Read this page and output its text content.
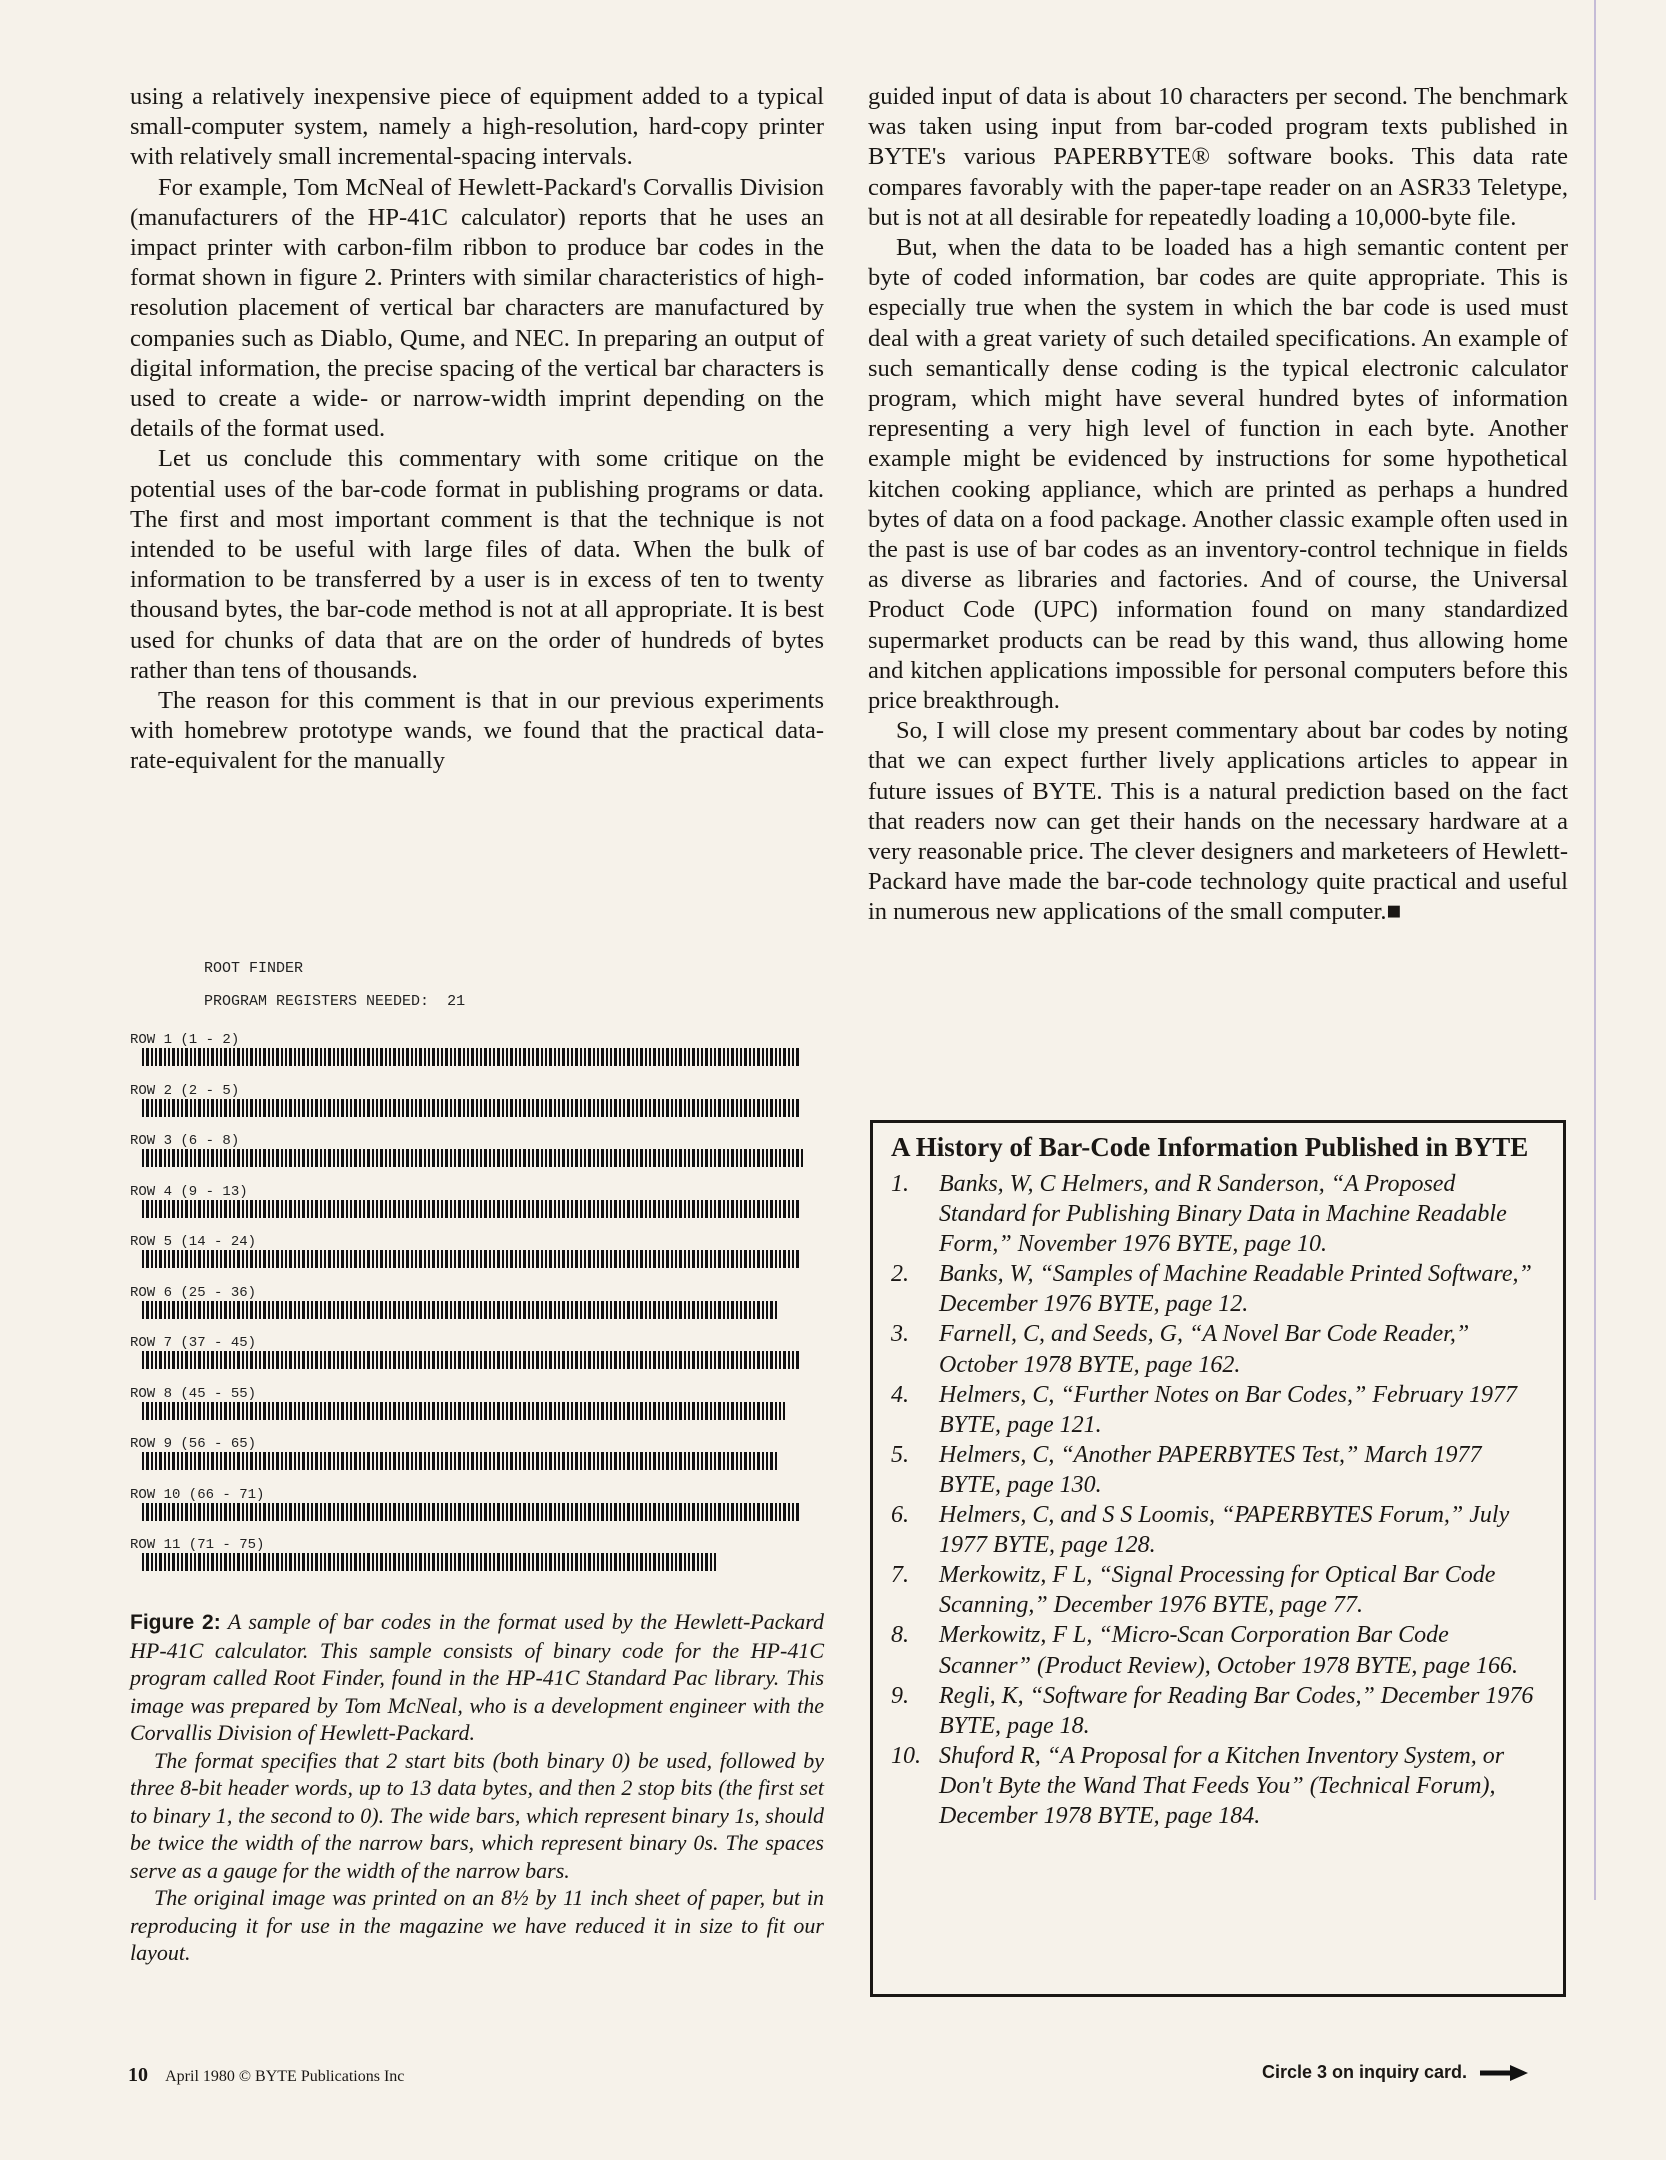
using a relatively inexpensive piece of equipment added to a typical small-computer system, namely a high-resolution, hard-copy printer with relatively small incremental-spacing intervals.

For example, Tom McNeal of Hewlett-Packard's Corvallis Division (manufacturers of the HP-41C calculator) reports that he uses an impact printer with carbon-film ribbon to produce bar codes in the format shown in figure 2. Printers with similar characteristics of high-resolution placement of vertical bar characters are manufactured by companies such as Diablo, Qume, and NEC. In preparing an output of digital information, the precise spacing of the vertical bar characters is used to create a wide- or narrow-width imprint depending on the details of the format used.

Let us conclude this commentary with some critique on the potential uses of the bar-code format in publishing programs or data. The first and most important comment is that the technique is not intended to be useful with large files of data. When the bulk of information to be transferred by a user is in excess of ten to twenty thousand bytes, the bar-code method is not at all appropriate. It is best used for chunks of data that are on the order of hundreds of bytes rather than tens of thousands.

The reason for this comment is that in our previous experiments with homebrew prototype wands, we found that the practical data-rate-equivalent for the manually

ROOT FINDER
PROGRAM REGISTERS NEEDED: 21
ROW 1 (1 - 2)
ROW 2 (2 - 5)
ROW 3 (6 - 8)
ROW 4 (9 - 13)
ROW 5 (14 - 24)
ROW 6 (25 - 36)
ROW 7 (37 - 45)
ROW 8 (45 - 55)
ROW 9 (56 - 65)
ROW 10 (66 - 71)
ROW 11 (71 - 75)

Figure 2: A sample of bar codes in the format used by the Hewlett-Packard HP-41C calculator. This sample consists of binary code for the HP-41C program called Root Finder, found in the HP-41C Standard Pac library. This image was prepared by Tom McNeal, who is a development engineer with the Corvallis Division of Hewlett-Packard.

The format specifies that 2 start bits (both binary 0) be used, followed by three 8-bit header words, up to 13 data bytes, and then 2 stop bits (the first set to binary 1, the second to 0). The wide bars, which represent binary 1s, should be twice the width of the narrow bars, which represent binary 0s. The spaces serve as a gauge for the width of the narrow bars.

The original image was printed on an 8½ by 11 inch sheet of paper, but in reproducing it for use in the magazine we have reduced it in size to fit our layout.

guided input of data is about 10 characters per second. The benchmark was taken using input from bar-coded program texts published in BYTE's various PAPERBYTE® software books. This data rate compares favorably with the paper-tape reader on an ASR33 Teletype, but is not at all desirable for repeatedly loading a 10,000-byte file.

But, when the data to be loaded has a high semantic content per byte of coded information, bar codes are quite appropriate. This is especially true when the system in which the bar code is used must deal with a great variety of such detailed specifications. An example of such semantically dense coding is the typical electronic calculator program, which might have several hundred bytes of information representing a very high level of function in each byte. Another example might be evidenced by instructions for some hypothetical kitchen cooking appliance, which are printed as perhaps a hundred bytes of data on a food package. Another classic example often used in the past is use of bar codes as an inventory-control technique in fields as diverse as libraries and factories. And of course, the Universal Product Code (UPC) information found on many standardized supermarket products can be read by this wand, thus allowing home and kitchen applications impossible for personal computers before this price breakthrough.

So, I will close my present commentary about bar codes by noting that we can expect further lively applications articles to appear in future issues of BYTE. This is a natural prediction based on the fact that readers now can get their hands on the necessary hardware at a very reasonable price. The clever designers and marketeers of Hewlett-Packard have made the bar-code technology quite practical and useful in numerous new applications of the small computer.■

A History of Bar-Code Information Published in BYTE
1. Banks, W, C Helmers, and R Sanderson, “A Proposed Standard for Publishing Binary Data in Machine Readable Form,” November 1976 BYTE, page 10.
2. Banks, W, “Samples of Machine Readable Printed Software,” December 1976 BYTE, page 12.
3. Farnell, C, and Seeds, G, “A Novel Bar Code Reader,” October 1978 BYTE, page 162.
4. Helmers, C, “Further Notes on Bar Codes,” February 1977 BYTE, page 121.
5. Helmers, C, “Another PAPERBYTES Test,” March 1977 BYTE, page 130.
6. Helmers, C, and S S Loomis, “PAPERBYTES Forum,” July 1977 BYTE, page 128.
7. Merkowitz, F L, “Signal Processing for Optical Bar Code Scanning,” December 1976 BYTE, page 77.
8. Merkowitz, F L, “Micro-Scan Corporation Bar Code Scanner” (Product Review), October 1978 BYTE, page 166.
9. Regli, K, “Software for Reading Bar Codes,” December 1976 BYTE, page 18.
10. Shuford R, “A Proposal for a Kitchen Inventory System, or Don't Byte the Wand That Feeds You” (Technical Forum), December 1978 BYTE, page 184.
10 April 1980 © BYTE Publications Inc	Circle 3 on inquiry card.
